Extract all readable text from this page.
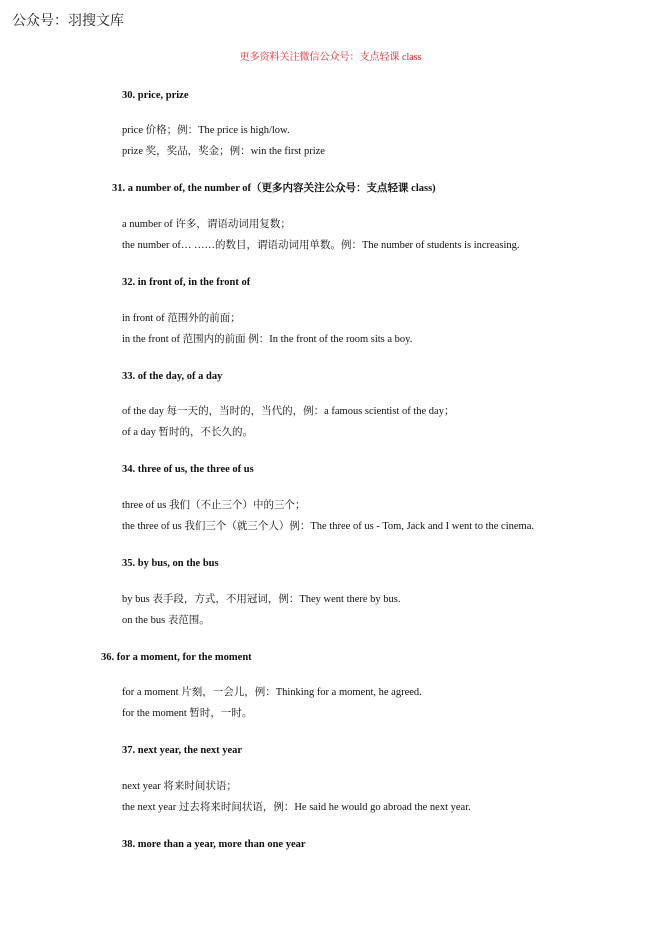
公众号：羽搜文库
更多资料关注微信公众号：支点轻课 class
30. price, prize
price 价格；例：The price is high/low.
prize 奖，奖品，奖金；例：win the first prize
31. a number of, the number of（更多内容关注公众号：支点轻课 class)
a number of 许多，谓语动词用复数；
the number of… ……的数目，谓语动词用单数。例：The number of students is increasing.
32. in front of, in the front of
in front of 范围外的前面；
in the front of 范围内的前面 例：In the front of the room sits a boy.
33. of the day, of a day
of the day 每一天的，当时的，当代的，例：a famous scientist of the day；
of a day 暂时的，不长久的。
34. three of us, the three of us
three of us 我们（不止三个）中的三个；
the three of us 我们三个（就三个人）例：The three of us - Tom, Jack and I went to the cinema.
35. by bus, on the bus
by bus 表手段，方式，不用冠词，例：They went there by bus.
on the bus 表范围。
36. for a moment, for the moment
for a moment 片刻，一会儿，例：Thinking for a moment, he agreed.
for the moment 暂时，一时。
37. next year, the next year
next year 将来时间状语；
the next year 过去将来时间状语，例：He said he would go abroad the next year.
38. more than a year, more than one year
